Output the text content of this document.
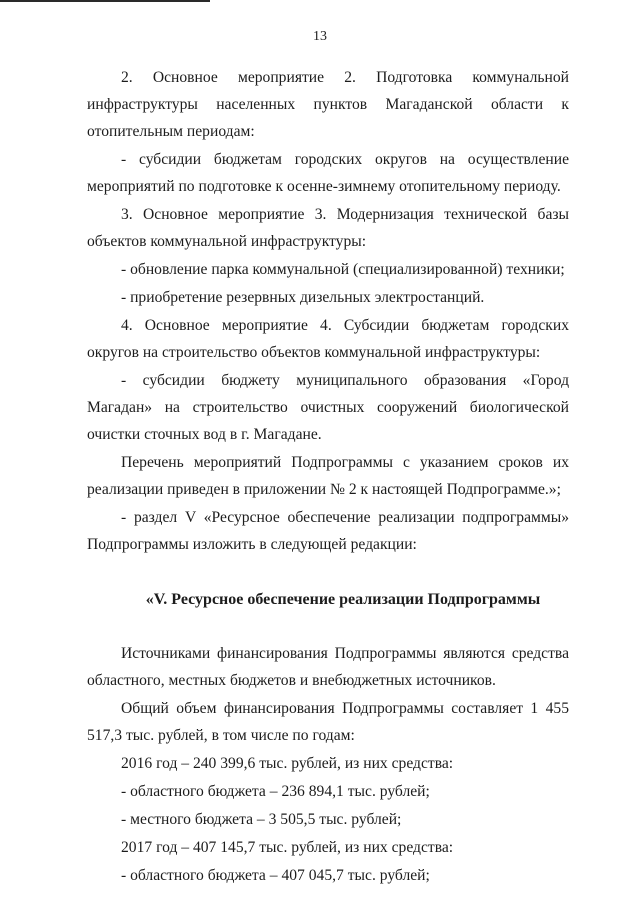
13

2. Основное мероприятие 2. Подготовка коммунальной инфраструктуры населенных пунктов Магаданской области к отопительным периодам:

- субсидии бюджетам городских округов на осуществление мероприятий по подготовке к осенне-зимнему отопительному периоду.

3. Основное мероприятие 3. Модернизация технической базы объектов коммунальной инфраструктуры:

- обновление парка коммунальной (специализированной) техники;

- приобретение резервных дизельных электростанций.

4. Основное мероприятие 4. Субсидии бюджетам городских округов на строительство объектов коммунальной инфраструктуры:

- субсидии бюджету муниципального образования «Город Магадан» на строительство очистных сооружений биологической очистки сточных вод в г. Магадане.

Перечень мероприятий Подпрограммы с указанием сроков их реализации приведен в приложении № 2 к настоящей Подпрограмме.»;

- раздел V «Ресурсное обеспечение реализации подпрограммы» Подпрограммы изложить в следующей редакции:

«V. Ресурсное обеспечение реализации Подпрограммы

Источниками финансирования Подпрограммы являются средства областного, местных бюджетов и внебюджетных источников.

Общий объем финансирования Подпрограммы составляет 1 455 517,3 тыс. рублей, в том числе по годам:

2016 год – 240 399,6 тыс. рублей, из них средства:

- областного бюджета – 236 894,1 тыс. рублей;

- местного бюджета – 3 505,5 тыс. рублей;

2017 год – 407 145,7 тыс. рублей, из них средства:

- областного бюджета – 407 045,7 тыс. рублей;
